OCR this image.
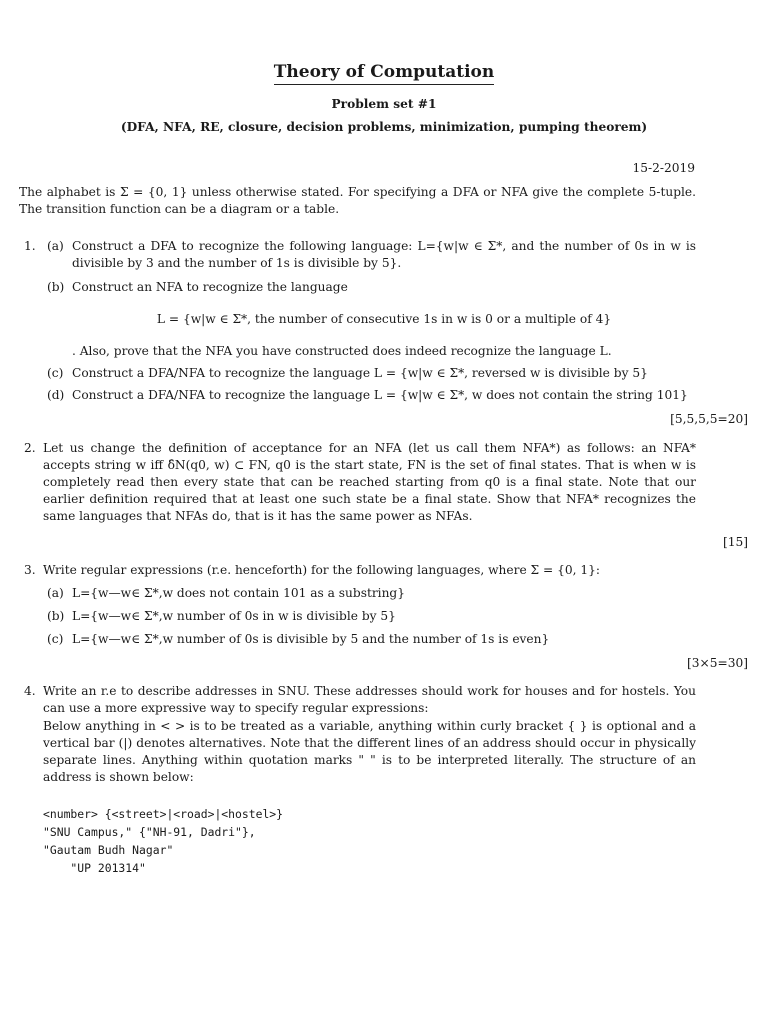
Theory of Computation
Problem set #1
(DFA, NFA, RE, closure, decision problems, minimization, pumping theorem)
15-2-2019
The alphabet is Σ = {0, 1} unless otherwise stated. For specifying a DFA or NFA give the complete 5-tuple. The transition function can be a diagram or a table.
1. (a) Construct a DFA to recognize the following language: L={w|w ∈ Σ*, and the number of 0s in w is divisible by 3 and the number of 1s is divisible by 5}.
(b) Construct an NFA to recognize the language
L = {w|w ∈ Σ*, the number of consecutive 1s in w is 0 or a multiple of 4}
. Also, prove that the NFA you have constructed does indeed recognize the language L.
(c) Construct a DFA/NFA to recognize the language L = {w|w ∈ Σ*, reversed w is divisible by 5}
(d) Construct a DFA/NFA to recognize the language L = {w|w ∈ Σ*, w does not contain the string 101}
[5,5,5,5=20]
2. Let us change the definition of acceptance for an NFA (let us call them NFA*) as follows: an NFA* accepts string w iff δ̂N(q0, w) ⊂ FN, q0 is the start state, FN is the set of final states. That is when w is completely read then every state that can be reached starting from q0 is a final state. Note that our earlier definition required that at least one such state be a final state. Show that NFA* recognizes the same languages that NFAs do, that is it has the same power as NFAs.
[15]
3. Write regular expressions (r.e. henceforth) for the following languages, where Σ = {0, 1}:
(a) L={w—w∈ Σ*,w does not contain 101 as a substring}
(b) L={w—w∈ Σ*,w number of 0s in w is divisible by 5}
(c) L={w—w∈ Σ*,w number of 0s is divisible by 5 and the number of 1s is even}
[3×5=30]
4. Write an r.e to describe addresses in SNU. These addresses should work for houses and for hostels. You can use a more expressive way to specify regular expressions:
Below anything in < > is to be treated as a variable, anything within curly bracket { } is optional and a vertical bar (|) denotes alternatives. Note that the different lines of an address should occur in physically separate lines. Anything within quotation marks " " is to be interpreted literally. The structure of an address is shown below:
<number> {<street>|<road>|<hostel>}
"SNU Campus," {"NH-91, Dadri"},
"Gautam Budh Nagar"
"UP 201314"
